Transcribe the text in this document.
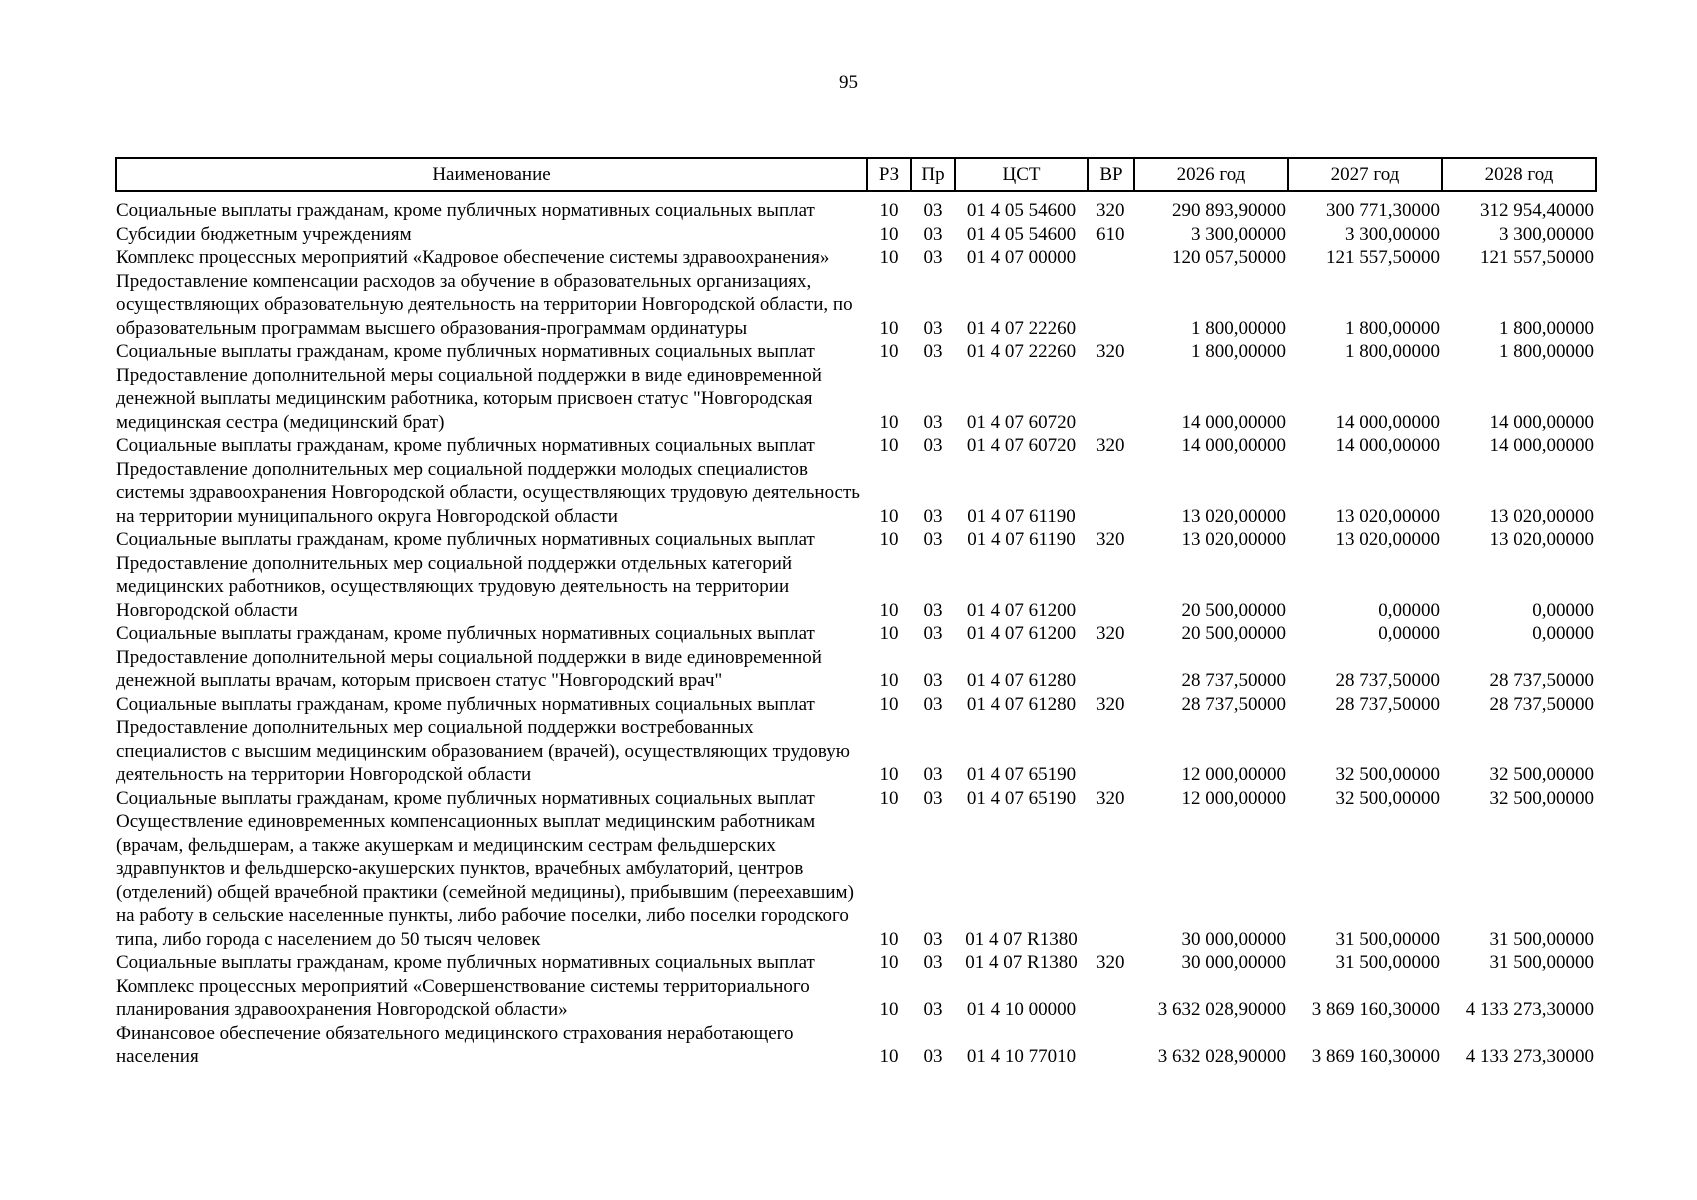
95
Наименование	РЗ	Пр	ЦСТ	ВР	2026 год	2027 год	2028 год
Социальные выплаты гражданам, кроме публичных нормативных социальных выплат	10	03	01 4 05 54600	320	290 893,90000	300 771,30000	312 954,40000
Субсидии бюджетным учреждениям	10	03	01 4 05 54600	610	3 300,00000	3 300,00000	3 300,00000
Комплекс процессных мероприятий «Кадровое обеспечение системы здравоохранения»	10	03	01 4 07 00000		120 057,50000	121 557,50000	121 557,50000
Предоставление компенсации расходов за обучение в образовательных организациях, осуществляющих образовательную деятельность на территории Новгородской области, по образовательным программам высшего образования-программам ординатуры	10	03	01 4 07 22260		1 800,00000	1 800,00000	1 800,00000
Социальные выплаты гражданам, кроме публичных нормативных социальных выплат	10	03	01 4 07 22260	320	1 800,00000	1 800,00000	1 800,00000
Предоставление дополнительной меры социальной поддержки в виде единовременной денежной выплаты медицинским работника, которым присвоен статус "Новгородская медицинская сестра (медицинский брат)	10	03	01 4 07 60720		14 000,00000	14 000,00000	14 000,00000
Социальные выплаты гражданам, кроме публичных нормативных социальных выплат	10	03	01 4 07 60720	320	14 000,00000	14 000,00000	14 000,00000
Предоставление дополнительных мер социальной поддержки молодых специалистов системы здравоохранения Новгородской области, осуществляющих трудовую деятельность на территории муниципального округа Новгородской области	10	03	01 4 07 61190		13 020,00000	13 020,00000	13 020,00000
Социальные выплаты гражданам, кроме публичных нормативных социальных выплат	10	03	01 4 07 61190	320	13 020,00000	13 020,00000	13 020,00000
Предоставление дополнительных мер социальной поддержки отдельных категорий медицинских работников, осуществляющих трудовую деятельность на территории Новгородской области	10	03	01 4 07 61200		20 500,00000	0,00000	0,00000
Социальные выплаты гражданам, кроме публичных нормативных социальных выплат	10	03	01 4 07 61200	320	20 500,00000	0,00000	0,00000
Предоставление дополнительной меры социальной поддержки в виде единовременной денежной выплаты врачам, которым присвоен статус "Новгородский врач"	10	03	01 4 07 61280		28 737,50000	28 737,50000	28 737,50000
Социальные выплаты гражданам, кроме публичных нормативных социальных выплат	10	03	01 4 07 61280	320	28 737,50000	28 737,50000	28 737,50000
Предоставление дополнительных мер социальной поддержки востребованных специалистов с высшим медицинским образованием (врачей), осуществляющих трудовую деятельность на территории Новгородской области	10	03	01 4 07 65190		12 000,00000	32 500,00000	32 500,00000
Социальные выплаты гражданам, кроме публичных нормативных социальных выплат	10	03	01 4 07 65190	320	12 000,00000	32 500,00000	32 500,00000
Осуществление единовременных компенсационных выплат медицинским работникам (врачам, фельдшерам, а также акушеркам и медицинским сестрам фельдшерских здравпунктов и фельдшерско-акушерских пунктов, врачебных амбулаторий, центров (отделений) общей врачебной практики (семейной медицины), прибывшим (переехавшим) на работу в сельские населенные пункты, либо рабочие поселки, либо поселки городского типа, либо города с населением до 50 тысяч человек	10	03	01 4 07 R1380		30 000,00000	31 500,00000	31 500,00000
Социальные выплаты гражданам, кроме публичных нормативных социальных выплат	10	03	01 4 07 R1380	320	30 000,00000	31 500,00000	31 500,00000
Комплекс процессных мероприятий «Совершенствование системы территориального планирования здравоохранения Новгородской области»	10	03	01 4 10 00000		3 632 028,90000	3 869 160,30000	4 133 273,30000
Финансовое обеспечение обязательного медицинского страхования неработающего населения	10	03	01 4 10 77010		3 632 028,90000	3 869 160,30000	4 133 273,30000
